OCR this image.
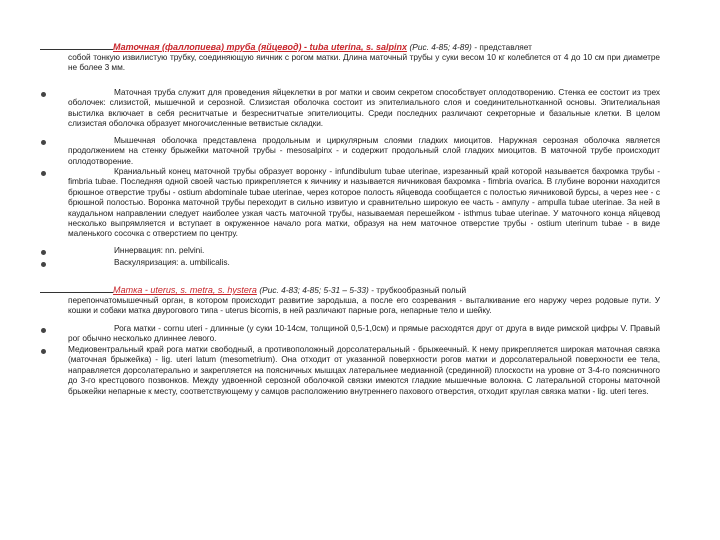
Маточная (фаллопиева) труба (яйцевод) - tuba uterina, s. salpinx (Рис. 4-85; 4-89) - представляет
собой тонкую извилистую трубку, соединяющую яичник с рогом матки. Длина маточный трубы у суки весом 10 кг колеблется от 4 до 10 см при диаметре не более 3 мм.
Маточная труба служит для проведения яйцеклетки в рог матки и своим секретом способствует оплодотворению. Стенка ее состоит из трех оболочек: слизистой, мышечной и серозной. Слизистая оболочка состоит из эпителиального слоя и соединительнотканной основы. Эпителиальная выстилка включает в себя реснитчатые и безреснитчатые эпителиоциты. Среди последних различают секреторные и базальные клетки. В целом слизистая оболочка образует многочисленные ветвистые складки.
Мышечная оболочка представлена продольным и циркулярным слоями гладких миоцитов. Наружная серозная оболочка является продолжением на стенку брыжейки маточной трубы - mesosalpinx - и содержит продольный слой гладких миоцитов. В маточной трубе происходит оплодотворение.
Краниальный конец маточной трубы образует воронку - infundibulum tubae uterinae, изрезанный край которой называется бахромка трубы - fimbria tubae. Последняя одной своей частью прикрепляется к яичнику и называется яичниковая бахромка - fimbria ovarica. В глубине воронки находится брюшное отверстие трубы - ostium abdominale tubae uterinae, через которое полость яйцевода сообщается с полостью яичниковой бурсы, а через нее - с брюшной полостью. Воронка маточной трубы переходит в сильно извитую и сравнительно широкую ее часть - ампулу - ampulla tubae uterinae. За ней в каудальном направлении следует наиболее узкая часть маточной трубы, называемая перешейком - isthmus tubae uterinae. У маточного конца яйцевод несколько выпрямляется и вступает в окруженное начало рога матки, образуя на нем маточное отверстие трубы - ostium uterinum tubae - в виде маленького сосочка с отверстием по центру.
Иннервация: nn. pelvini.
Васкуляризация: a. umbilicalis.
Матка - uterus, s. metra, s. hystera (Рис. 4-83; 4-85; 5-31 – 5-33) - трубкообразный полый
перепончатомышечный орган, в котором происходит развитие зародыша, а после его созревания - выталкивание его наружу через родовые пути. У кошки и собаки матка двурогового типа - uterus bicornis, в ней различают парные рога, непарные тело и шейку.
Рога матки - cornu uteri - длинные (у суки 10-14см, толщиной 0,5-1,0см) и прямые расходятся друг от друга в виде римской цифры V. Правый рог обычно несколько длиннее левого.
Медиовентральный край рога матки свободный, а противоположный дорсолатеральный - брыжеечный. К нему прикрепляется широкая маточная связка (маточная брыжейка) - lig. uteri latum (mesometrium). Она отходит от указанной поверхности рогов матки и дорсолатеральной поверхности ее тела, направляется дорсолатерально и закрепляется на поясничных мышцах латеральнее медианной (срединной) плоскости на уровне от 3-4-го поясничного до 3-го крестцового позвонков. Между удвоенной серозной оболочкой связки имеются гладкие мышечные волокна. С латеральной стороны маточной брыжейки непарные к месту, соответствующему у самцов расположению внутреннего пахового отверстия, отходит круглая связка матки - lig. uteri teres.
